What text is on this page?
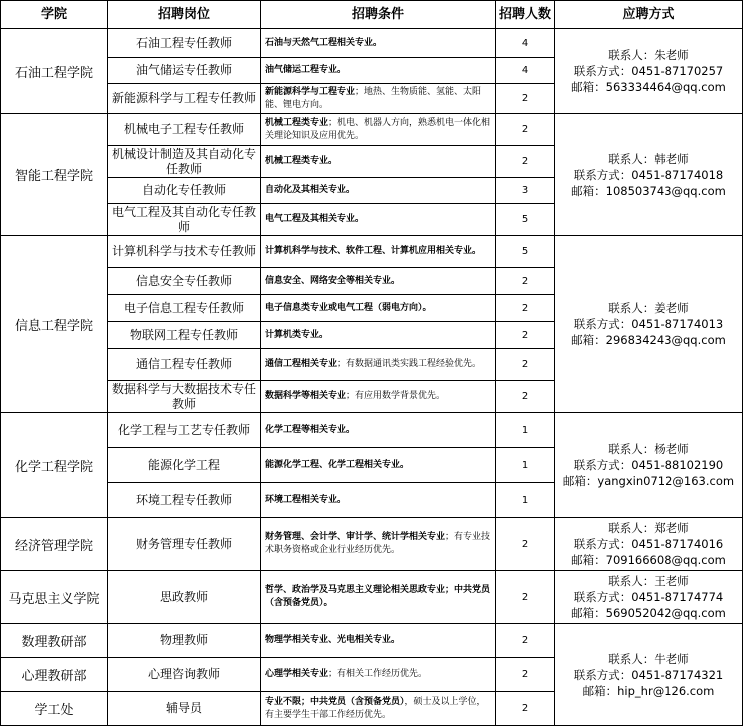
学院	招聘岗位	招聘条件	招聘人数	应聘方式
石油工程学院	石油工程专任教师	石油与天然气工程相关专业。	4	联系人：朱老师
联系方式：0451-87170257
邮箱：563334464@qq.com

	油气储运专任教师	油气储运工程专业。	4	
	新能源科学与工程专任教师	新能源科学与工程专业；地热、生物质能、氢能、太阳能、锂电方向。	2	
智能工程学院	机械电子工程专任教师	机械工程类专业；机电、机器人方向，熟悉机电一体化相关理论知识及应用优先。	2	联系人：韩老师
联系方式：0451-87174018
邮箱：108503743@qq.com

	机械设计制造及其自动化专任教师	机械工程类专业。	2	
	自动化专任教师	自动化及其相关专业。	3	
	电气工程及其自动化专任教师	电气工程及其相关专业。	5	
信息工程学院	计算机科学与技术专任教师	计算机科学与技术、软件工程、计算机应用相关专业。	5	联系人：姜老师
联系方式：0451-87174013
邮箱：296834243@qq.com

	信息安全专任教师	信息安全、网络安全等相关专业。	2	
	电子信息工程专任教师	电子信息类专业或电气工程（弱电方向）。	2	
	物联网工程专任教师	计算机类专业。	2	
	通信工程专任教师	通信工程相关专业；有数据通讯类实践工程经验优先。	2	
	数据科学与大数据技术专任教师	数据科学等相关专业；有应用数学背景优先。	2	
化学工程学院	化学工程与工艺专任教师	化学工程等相关专业。	1	联系人：杨老师
联系方式：0451-88102190
邮箱：yangxin0712@163.com

	能源化学工程	能源化学工程、化学工程相关专业。	1	
	环境工程专任教师	环境工程相关专业。	1	
经济管理学院	财务管理专任教师	财务管理、会计学、审计学、统计学相关专业；有专业技术职务资格或企业行业经历优先。	2	联系人：郑老师
联系方式：0451-87174016
邮箱：709166608@qq.com

马克思主义学院	思政教师	哲学、政治学及马克思主义理论相关思政专业；中共党员（含预备党员）。	2	联系人：王老师
联系方式：0451-87174774
邮箱：569052042@qq.com

数理教研部	物理教师	物理学相关专业、光电相关专业。	2	联系人：牛老师
联系方式：0451-87174321
邮箱：hip_hr@126.com

心理教研部	心理咨询教师	心理学相关专业；有相关工作经历优先。	2	
学工处	辅导员	专业不限；中共党员（含预备党员），硕士及以上学位，有主要学生干部工作经历优先。	2	
